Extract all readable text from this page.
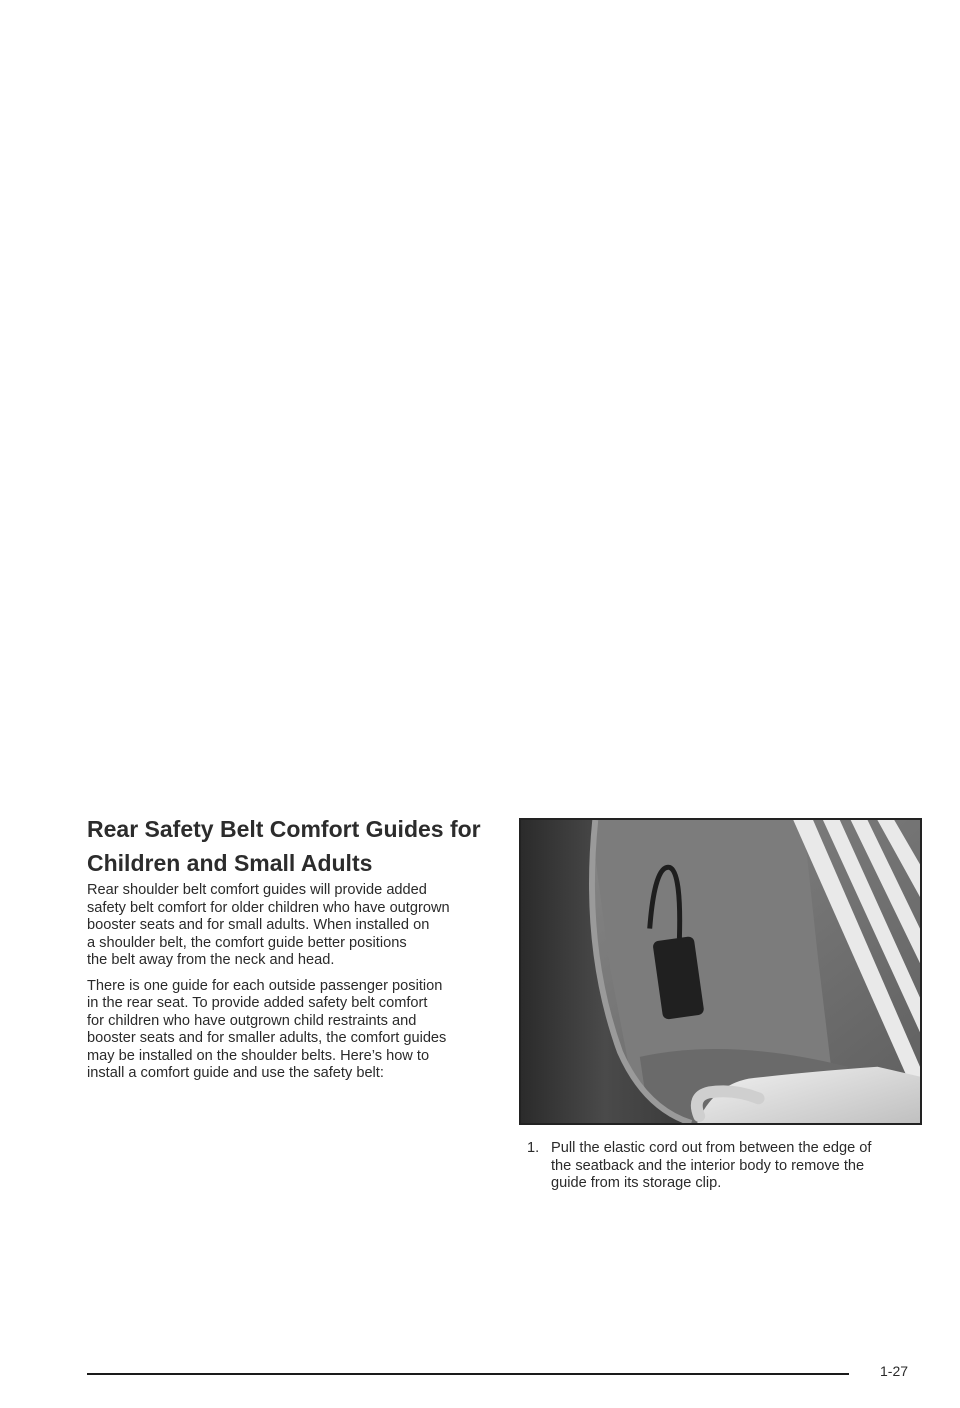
Rear Safety Belt Comfort Guides for
Children and Small Adults

Rear shoulder belt comfort guides will provide added
safety belt comfort for older children who have outgrown
booster seats and for small adults. When installed on
a shoulder belt, the comfort guide better positions
the belt away from the neck and head.

There is one guide for each outside passenger position
in the rear seat. To provide added safety belt comfort
for children who have outgrown child restraints and
booster seats and for smaller adults, the comfort guides
may be installed on the shoulder belts. Here’s how to
install a comfort guide and use the safety belt:

1. Pull the elastic cord out from between the edge of
the seatback and the interior body to remove the
guide from its storage clip.
1-27
